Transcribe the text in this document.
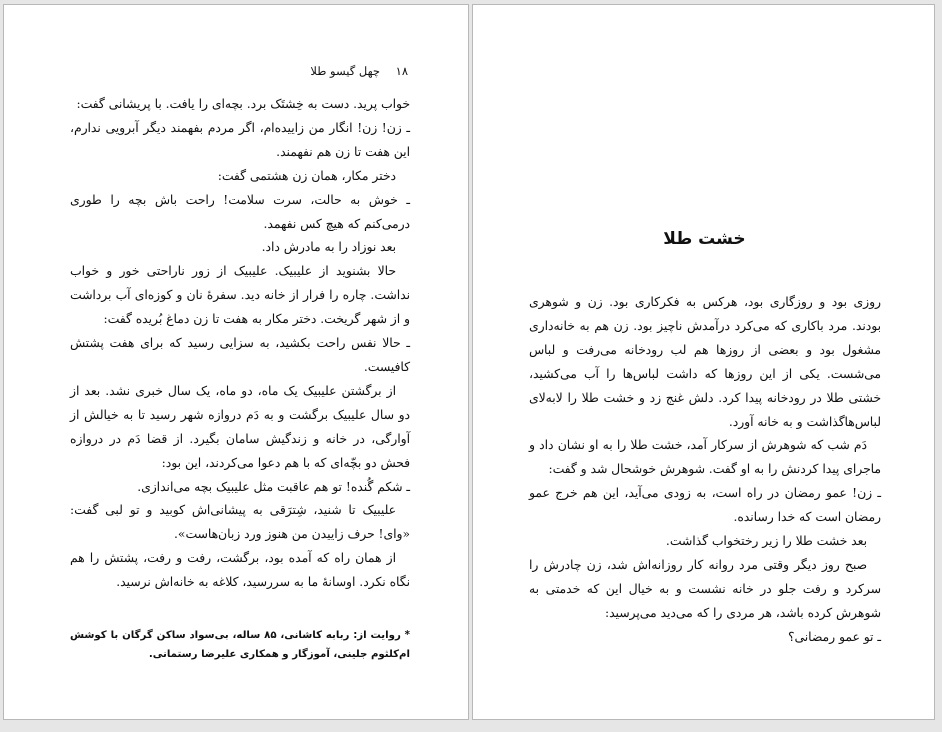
۱۸ چهل گیسو طلا

خواب پرید. دست به خِشتَک برد. بچه‌ای را یافت. با پریشانی گفت:

ـ زن! زن! انگار من زاییده‌ام، اگر مردم بفهمند دیگر آبرویی ندارم، این هفت تا زن هم نفهمند.

دختر مکار، همان زن هشتمی گفت:

ـ خوش به حالت، سرت سلامت! راحت باش بچه را طوری درمی‌کنم که هیچ کس نفهمد.

بعد نوزاد را به مادرش داد.

حالا بشنوید از علیبیک. علیبیک از زور ناراحتی خور و خواب نداشت. چاره را فرار از خانه دید. سفرهٔ نان و کوزه‌ای آب برداشت و از شهر گریخت. دختر مکار به هفت تا زن دماغ بُریده گفت:

ـ حالا نفس راحت بکشید، به سزایی رسید که برای هفت پشتش کافیست.

از برگشتن علیبیک یک ماه، دو ماه، یک سال خبری نشد. بعد از دو سال علیبیک برگشت و به دَم دروازه شهر رسید تا به خیالش از آوارگی، در خانه و زندگیش سامان بگیرد. از قضا دَم در دروازه فحش دو بچّه‌ای که با هم دعوا می‌کردند، این بود:

ـ شکم‌ گُنده! تو هم عاقبت مثل علیبیک بچه می‌اندازی.

علیبیک تا شنید، شِترَقی به پیشانی‌اش کوبید و تو لبی گفت: «وای! حرف زاییدن من هنوز ورد زبان‌هاست».

از همان راه که آمده بود، برگشت، رفت و رفت، پشتش را هم نگاه نکرد. اوسانهٔ ما به سررسید، کلاغه به خانه‌اش نرسید.

* روایت از: ربابه کاشانی، ۸۵ ساله، بی‌سواد ساکن گرگان با کوشش ام‌کلثوم جلینی، آموزگار و همکاری علیرضا رستمانی.
خشت طلا

روزی بود و روزگاری بود، هرکس به فکرکاری بود. زن و شوهری بودند. مرد باکاری که می‌کرد درآمدش ناچیز بود. زن هم به خانه‌داری مشغول بود و بعضی از روزها هم لب رودخانه می‌رفت و لباس می‌شست. یکی از این روزها که داشت لباس‌ها را آب می‌کشید، خشتی طلا در رودخانه پیدا کرد. دلش غنج زد و خشت طلا را لابه‌لای لباس‌هاگذاشت و به خانه آورد.

دَم شب که شوهرش از سرکار آمد، خشت طلا را به او نشان داد و ماجرای پیدا کردنش را به او گفت. شوهرش خوشحال شد و گفت:

ـ زن! عمو رمضان در راه است، به زودی می‌آید، این هم خرج عمو رمضان است که خدا رسانده.

بعد خشت طلا را زیر رختخواب گذاشت.

صبح روز دیگر وقتی مرد روانه کار روزانه‌اش شد، زن چادرش را سرکرد و رفت جلو در خانه نشست و به خیال این که خدمتی به شوهرش کرده باشد، هر مردی را که می‌دید می‌پرسید:

ـ تو عمو رمضانی؟
